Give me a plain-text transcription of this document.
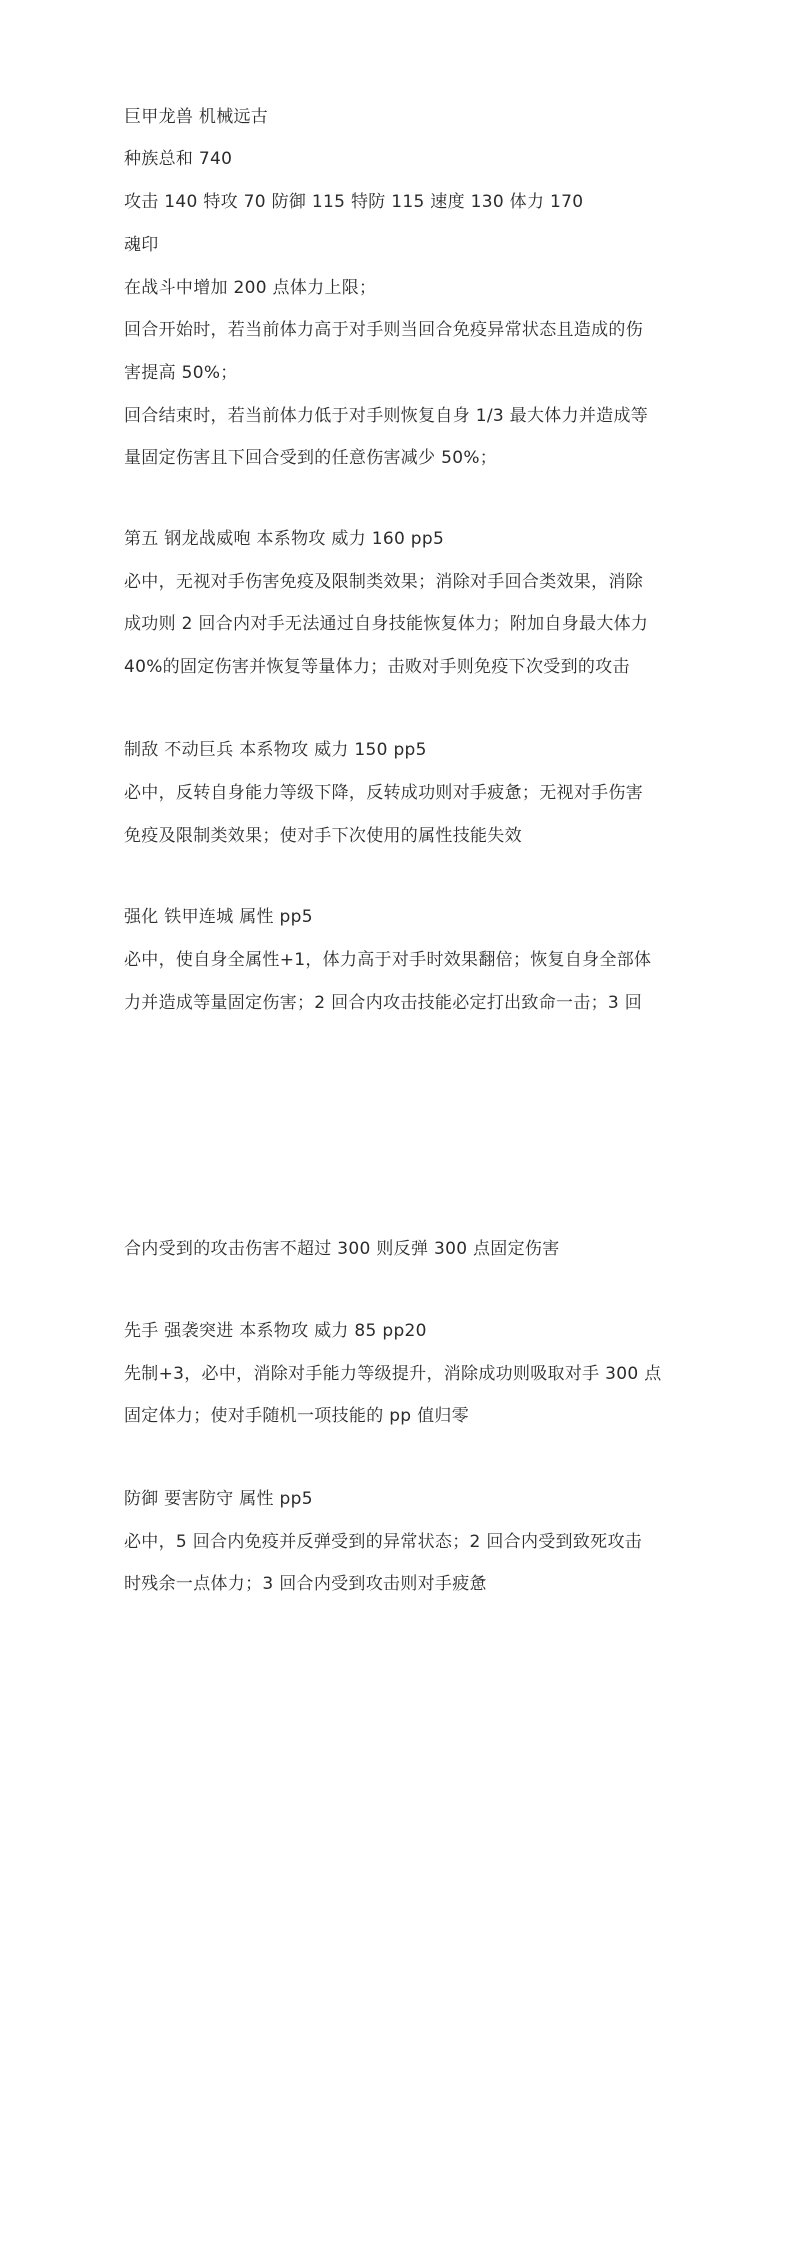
巨甲龙兽 机械远古
种族总和 740
攻击 140 特攻 70 防御 115 特防 115 速度 130 体力 170
魂印
在战斗中增加 200 点体力上限；
回合开始时，若当前体力高于对手则当回合免疫异常状态且造成的伤
害提高 50%；
回合结束时，若当前体力低于对手则恢复自身 1/3 最大体力并造成等
量固定伤害且下回合受到的任意伤害减少 50%；
第五 钢龙战威咆 本系物攻 威力 160 pp5
必中，无视对手伤害免疫及限制类效果；消除对手回合类效果，消除
成功则 2 回合内对手无法通过自身技能恢复体力；附加自身最大体力
40%的固定伤害并恢复等量体力；击败对手则免疫下次受到的攻击
制敌 不动巨兵 本系物攻 威力 150 pp5
必中，反转自身能力等级下降，反转成功则对手疲惫；无视对手伤害
免疫及限制类效果；使对手下次使用的属性技能失效
强化 铁甲连城 属性 pp5
必中，使自身全属性+1，体力高于对手时效果翻倍；恢复自身全部体
力并造成等量固定伤害；2 回合内攻击技能必定打出致命一击；3 回
合内受到的攻击伤害不超过 300 则反弹 300 点固定伤害
先手 强袭突进 本系物攻 威力 85 pp20
先制+3，必中，消除对手能力等级提升，消除成功则吸取对手 300 点
固定体力；使对手随机一项技能的 pp 值归零
防御 要害防守 属性 pp5
必中，5 回合内免疫并反弹受到的异常状态；2 回合内受到致死攻击
时残余一点体力；3 回合内受到攻击则对手疲惫
